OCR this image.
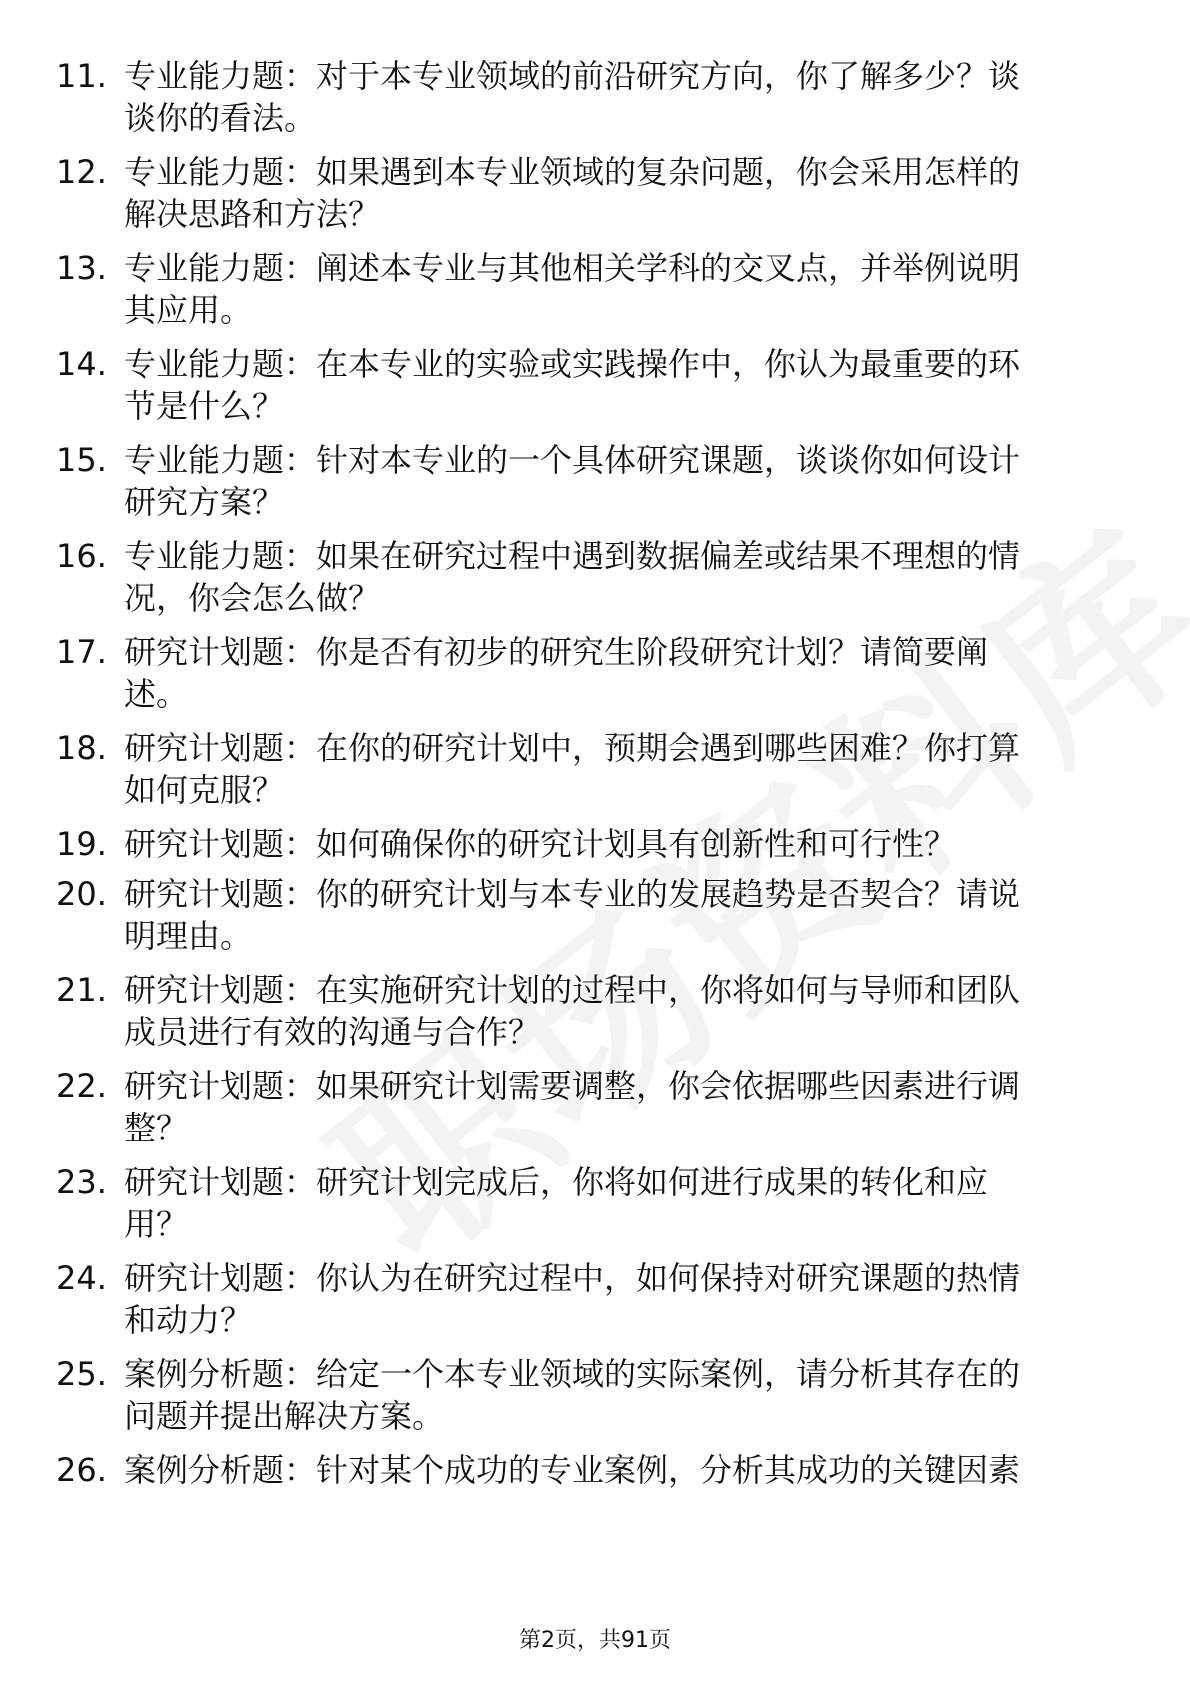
11. 专业能力题：对于本专业领域的前沿研究方向，你了解多少？谈
谈你的看法。
12. 专业能力题：如果遇到本专业领域的复杂问题，你会采用怎样的
解决思路和方法？
13. 专业能力题：阐述本专业与其他相关学科的交叉点，并举例说明
其应用。
14. 专业能力题：在本专业的实验或实践操作中，你认为最重要的环
节是什么？
15. 专业能力题：针对本专业的一个具体研究课题，谈谈你如何设计
研究方案？
16. 专业能力题：如果在研究过程中遇到数据偏差或结果不理想的情
况，你会怎么做？
17. 研究计划题：你是否有初步的研究生阶段研究计划？请简要阐
述。
18. 研究计划题：在你的研究计划中，预期会遇到哪些困难？你打算
如何克服？
19. 研究计划题：如何确保你的研究计划具有创新性和可行性？
20. 研究计划题：你的研究计划与本专业的发展趋势是否契合？请说
明理由。
21. 研究计划题：在实施研究计划的过程中，你将如何与导师和团队
成员进行有效的沟通与合作？
22. 研究计划题：如果研究计划需要调整，你会依据哪些因素进行调
整？
23. 研究计划题：研究计划完成后，你将如何进行成果的转化和应
用？
24. 研究计划题：你认为在研究过程中，如何保持对研究课题的热情
和动力？
25. 案例分析题：给定一个本专业领域的实际案例，请分析其存在的
问题并提出解决方案。
26. 案例分析题：针对某个成功的专业案例，分析其成功的关键因素
第2页，共91页
